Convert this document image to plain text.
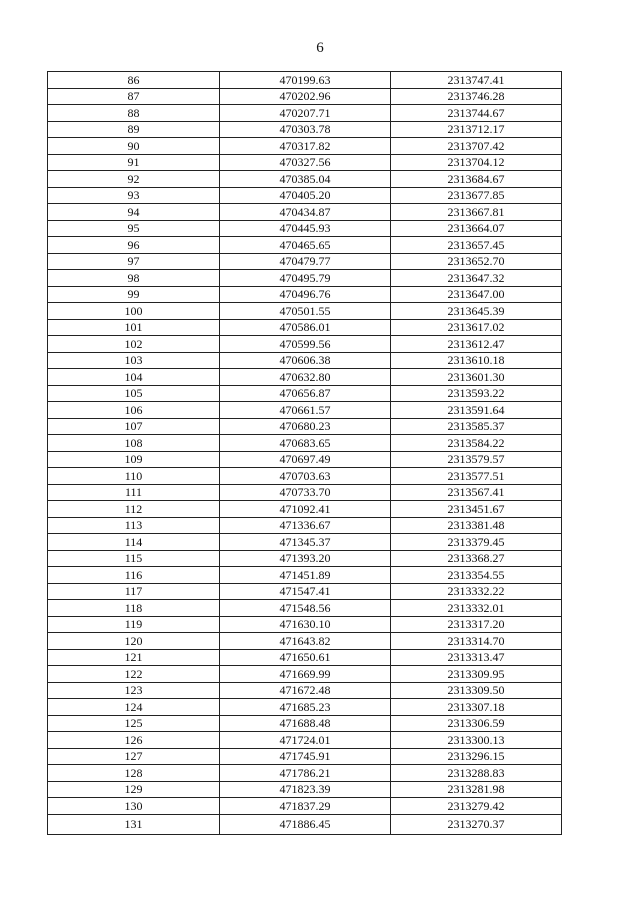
6
86	470199.63	2313747.41
87	470202.96	2313746.28
88	470207.71	2313744.67
89	470303.78	2313712.17
90	470317.82	2313707.42
91	470327.56	2313704.12
92	470385.04	2313684.67
93	470405.20	2313677.85
94	470434.87	2313667.81
95	470445.93	2313664.07
96	470465.65	2313657.45
97	470479.77	2313652.70
98	470495.79	2313647.32
99	470496.76	2313647.00
100	470501.55	2313645.39
101	470586.01	2313617.02
102	470599.56	2313612.47
103	470606.38	2313610.18
104	470632.80	2313601.30
105	470656.87	2313593.22
106	470661.57	2313591.64
107	470680.23	2313585.37
108	470683.65	2313584.22
109	470697.49	2313579.57
110	470703.63	2313577.51
111	470733.70	2313567.41
112	471092.41	2313451.67
113	471336.67	2313381.48
114	471345.37	2313379.45
115	471393.20	2313368.27
116	471451.89	2313354.55
117	471547.41	2313332.22
118	471548.56	2313332.01
119	471630.10	2313317.20
120	471643.82	2313314.70
121	471650.61	2313313.47
122	471669.99	2313309.95
123	471672.48	2313309.50
124	471685.23	2313307.18
125	471688.48	2313306.59
126	471724.01	2313300.13
127	471745.91	2313296.15
128	471786.21	2313288.83
129	471823.39	2313281.98
130	471837.29	2313279.42
131	471886.45	2313270.37
